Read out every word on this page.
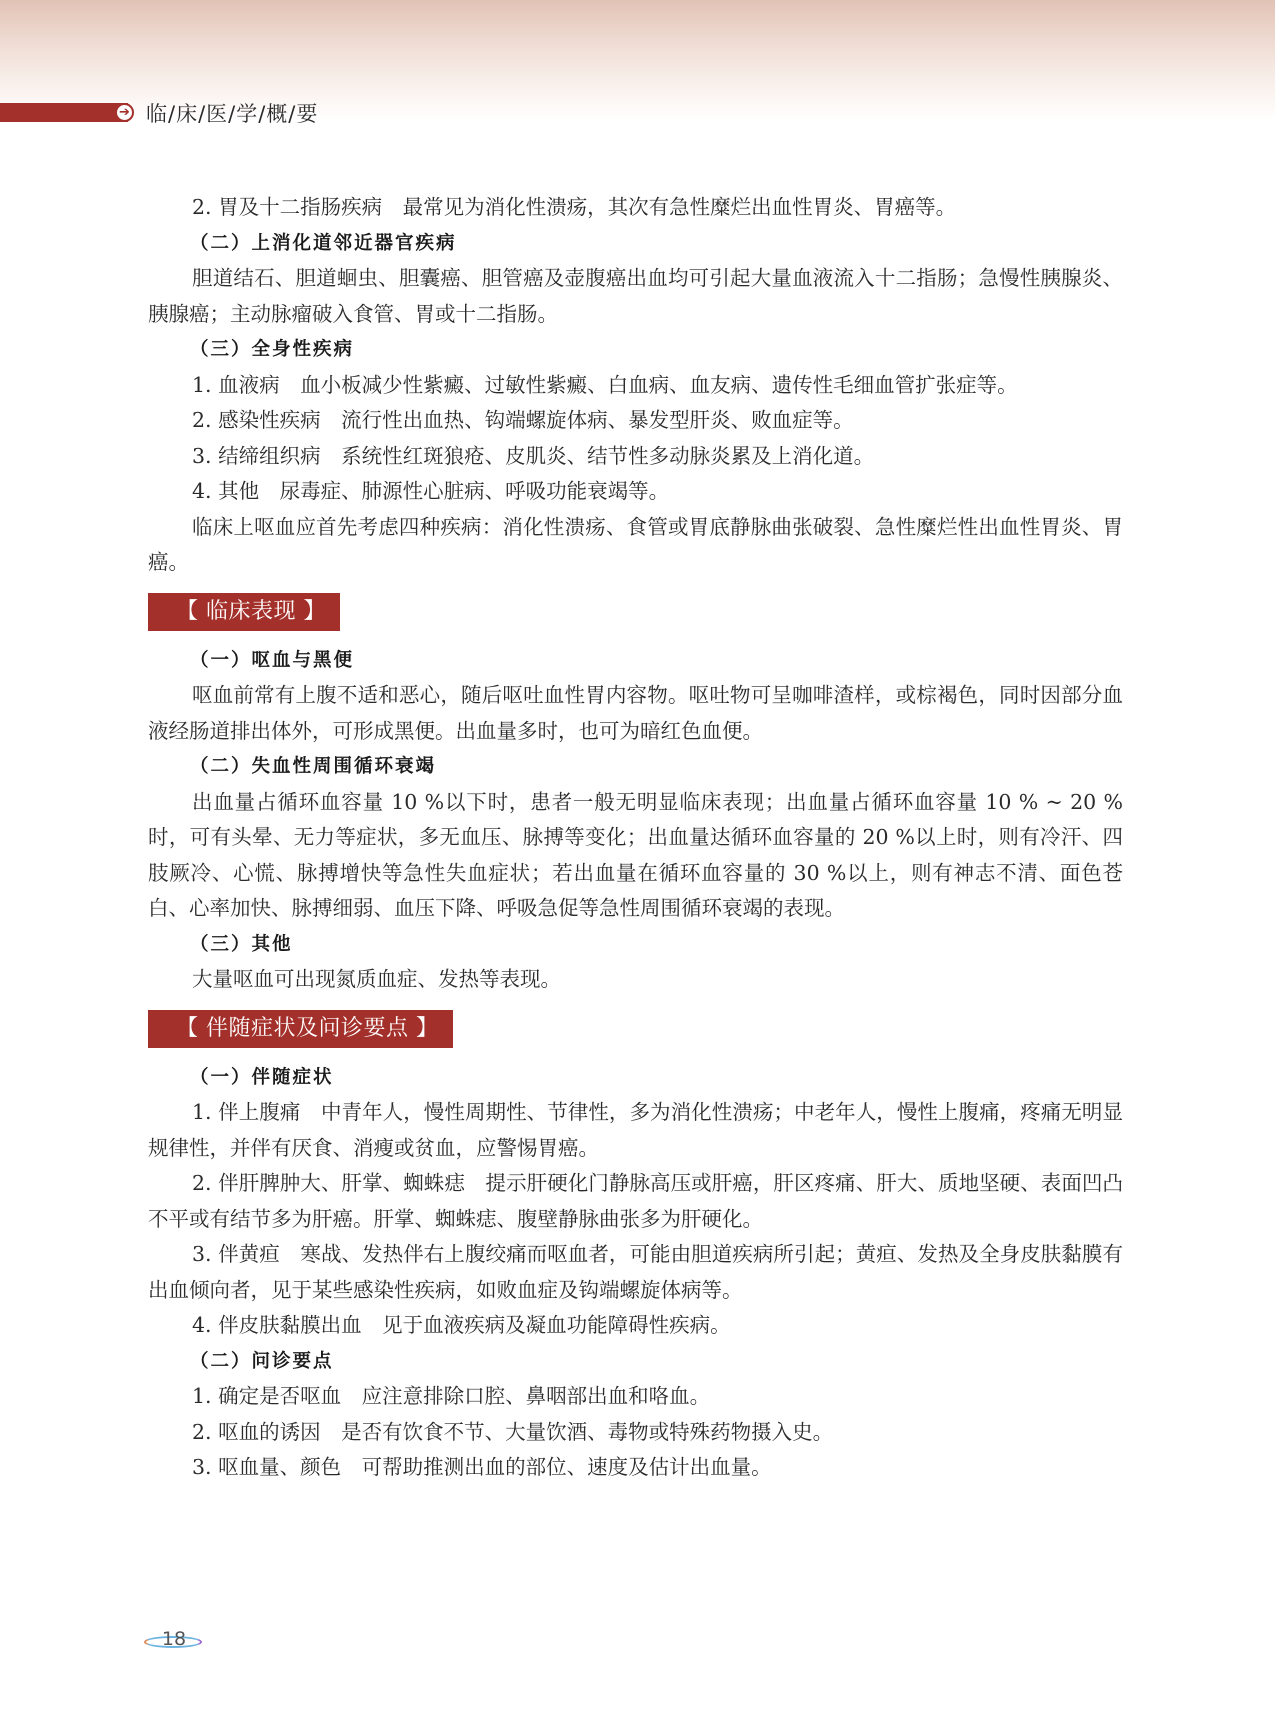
➔ 临/床/医/学/概/要

2. 胃及十二指肠疾病　最常见为消化性溃疡，其次有急性糜烂出血性胃炎、胃癌等。

（二）上消化道邻近器官疾病

胆道结石、胆道蛔虫、胆囊癌、胆管癌及壶腹癌出血均可引起大量血液流入十二指肠；急慢性胰腺炎、胰腺癌；主动脉瘤破入食管、胃或十二指肠。

（三）全身性疾病

1. 血液病　血小板减少性紫癜、过敏性紫癜、白血病、血友病、遗传性毛细血管扩张症等。

2. 感染性疾病　流行性出血热、钩端螺旋体病、暴发型肝炎、败血症等。

3. 结缔组织病　系统性红斑狼疮、皮肌炎、结节性多动脉炎累及上消化道。

4. 其他　尿毒症、肺源性心脏病、呼吸功能衰竭等。

临床上呕血应首先考虑四种疾病：消化性溃疡、食管或胃底静脉曲张破裂、急性糜烂性出血性胃炎、胃癌。

【 临床表现 】
（一）呕血与黑便

呕血前常有上腹不适和恶心，随后呕吐血性胃内容物。呕吐物可呈咖啡渣样，或棕褐色，同时因部分血液经肠道排出体外，可形成黑便。出血量多时，也可为暗红色血便。

（二）失血性周围循环衰竭

出血量占循环血容量 10 %以下时，患者一般无明显临床表现；出血量占循环血容量 10 % ~ 20 %时，可有头晕、无力等症状，多无血压、脉搏等变化；出血量达循环血容量的 20 %以上时，则有冷汗、四肢厥冷、心慌、脉搏增快等急性失血症状；若出血量在循环血容量的 30 %以上，则有神志不清、面色苍白、心率加快、脉搏细弱、血压下降、呼吸急促等急性周围循环衰竭的表现。

（三）其他

大量呕血可出现氮质血症、发热等表现。

【 伴随症状及问诊要点 】
（一）伴随症状

1. 伴上腹痛　中青年人，慢性周期性、节律性，多为消化性溃疡；中老年人，慢性上腹痛，疼痛无明显规律性，并伴有厌食、消瘦或贫血，应警惕胃癌。

2. 伴肝脾肿大、肝掌、蜘蛛痣　提示肝硬化门静脉高压或肝癌，肝区疼痛、肝大、质地坚硬、表面凹凸不平或有结节多为肝癌。肝掌、蜘蛛痣、腹壁静脉曲张多为肝硬化。

3. 伴黄疸　寒战、发热伴右上腹绞痛而呕血者，可能由胆道疾病所引起；黄疸、发热及全身皮肤黏膜有出血倾向者，见于某些感染性疾病，如败血症及钩端螺旋体病等。

4. 伴皮肤黏膜出血　见于血液疾病及凝血功能障碍性疾病。

（二）问诊要点

1. 确定是否呕血　应注意排除口腔、鼻咽部出血和咯血。

2. 呕血的诱因　是否有饮食不节、大量饮酒、毒物或特殊药物摄入史。

3. 呕血量、颜色　可帮助推测出血的部位、速度及估计出血量。

18
